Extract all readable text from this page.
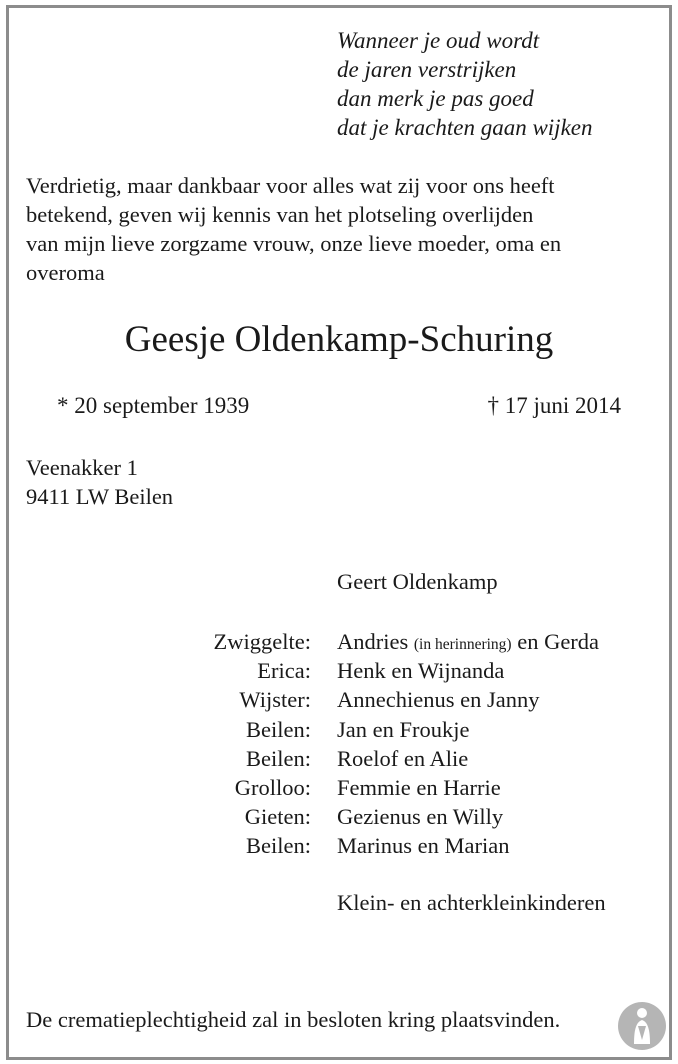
Wanneer je oud wordt
de jaren verstrijken
dan merk je pas goed
dat je krachten gaan wijken
Verdrietig, maar dankbaar voor alles wat zij voor ons heeft
betekend, geven wij kennis van het plotseling overlijden
van mijn lieve zorgzame vrouw, onze lieve moeder, oma en
overoma
Geesje Oldenkamp-Schuring
* 20 september 1939	† 17 juni 2014
Veenakker 1
9411 LW Beilen
Geert Oldenkamp
Zwiggelte: Andries (in herinnering) en Gerda
Erica: Henk en Wijnanda
Wijster: Annechienus en Janny
Beilen: Jan en Froukje
Beilen: Roelof en Alie
Grolloo: Femmie en Harrie
Gieten: Gezienus en Willy
Beilen: Marinus en Marian
Klein- en achterkleinkinderen
De crematieplechtigheid zal in besloten kring plaatsvinden.
